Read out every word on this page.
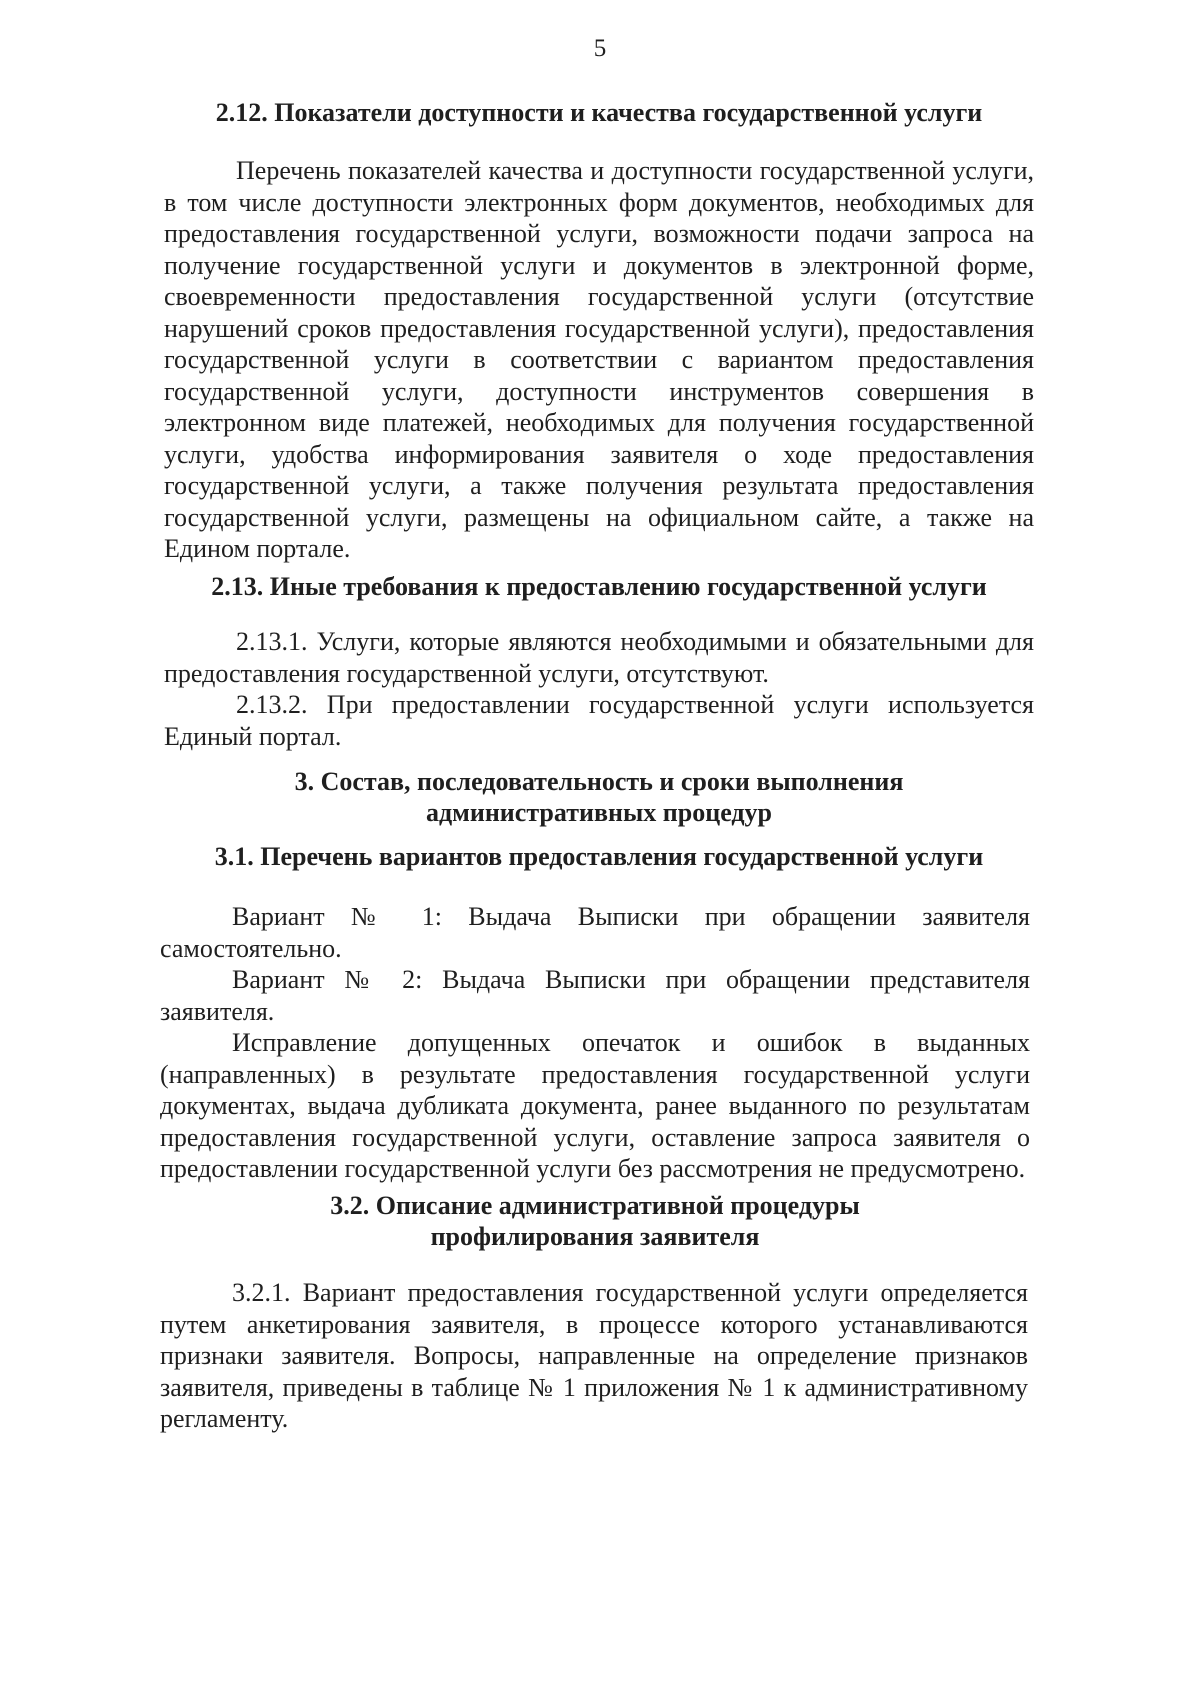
5
2.12. Показатели доступности и качества государственной услуги

Перечень показателей качества и доступности государственной услуги, в том числе доступности электронных форм документов, необходимых для предоставления государственной услуги, возможности подачи запроса на получение государственной услуги и документов в электронной форме, своевременности предоставления государственной услуги (отсутствие нарушений сроков предоставления государственной услуги), предоставления государственной услуги в соответствии с вариантом предоставления государственной услуги, доступности инструментов совершения в электронном виде платежей, необходимых для получения государственной услуги, удобства информирования заявителя о ходе предоставления государственной услуги, а также получения результата предоставления государственной услуги, размещены на официальном сайте, а также на Едином портале.

2.13. Иные требования к предоставлению государственной услуги

2.13.1. Услуги, которые являются необходимыми и обязательными для предоставления государственной услуги, отсутствуют.

2.13.2. При предоставлении государственной услуги используется Единый портал.

3. Состав, последовательность и сроки выполнения
административных процедур
3.1. Перечень вариантов предоставления государственной услуги

Вариант № 1: Выдача Выписки при обращении заявителя самостоятельно.

Вариант № 2: Выдача Выписки при обращении представителя заявителя.

Исправление допущенных опечаток и ошибок в выданных (направленных) в результате предоставления государственной услуги документах, выдача дубликата документа, ранее выданного по результатам предоставления государственной услуги, оставление запроса заявителя о предоставлении государственной услуги без рассмотрения не предусмотрено.

3.2. Описание административной процедуры
профилирования заявителя

3.2.1. Вариант предоставления государственной услуги определяется путем анкетирования заявителя, в процессе которого устанавливаются признаки заявителя. Вопросы, направленные на определение признаков заявителя, приведены в таблице № 1 приложения № 1 к административному регламенту.
